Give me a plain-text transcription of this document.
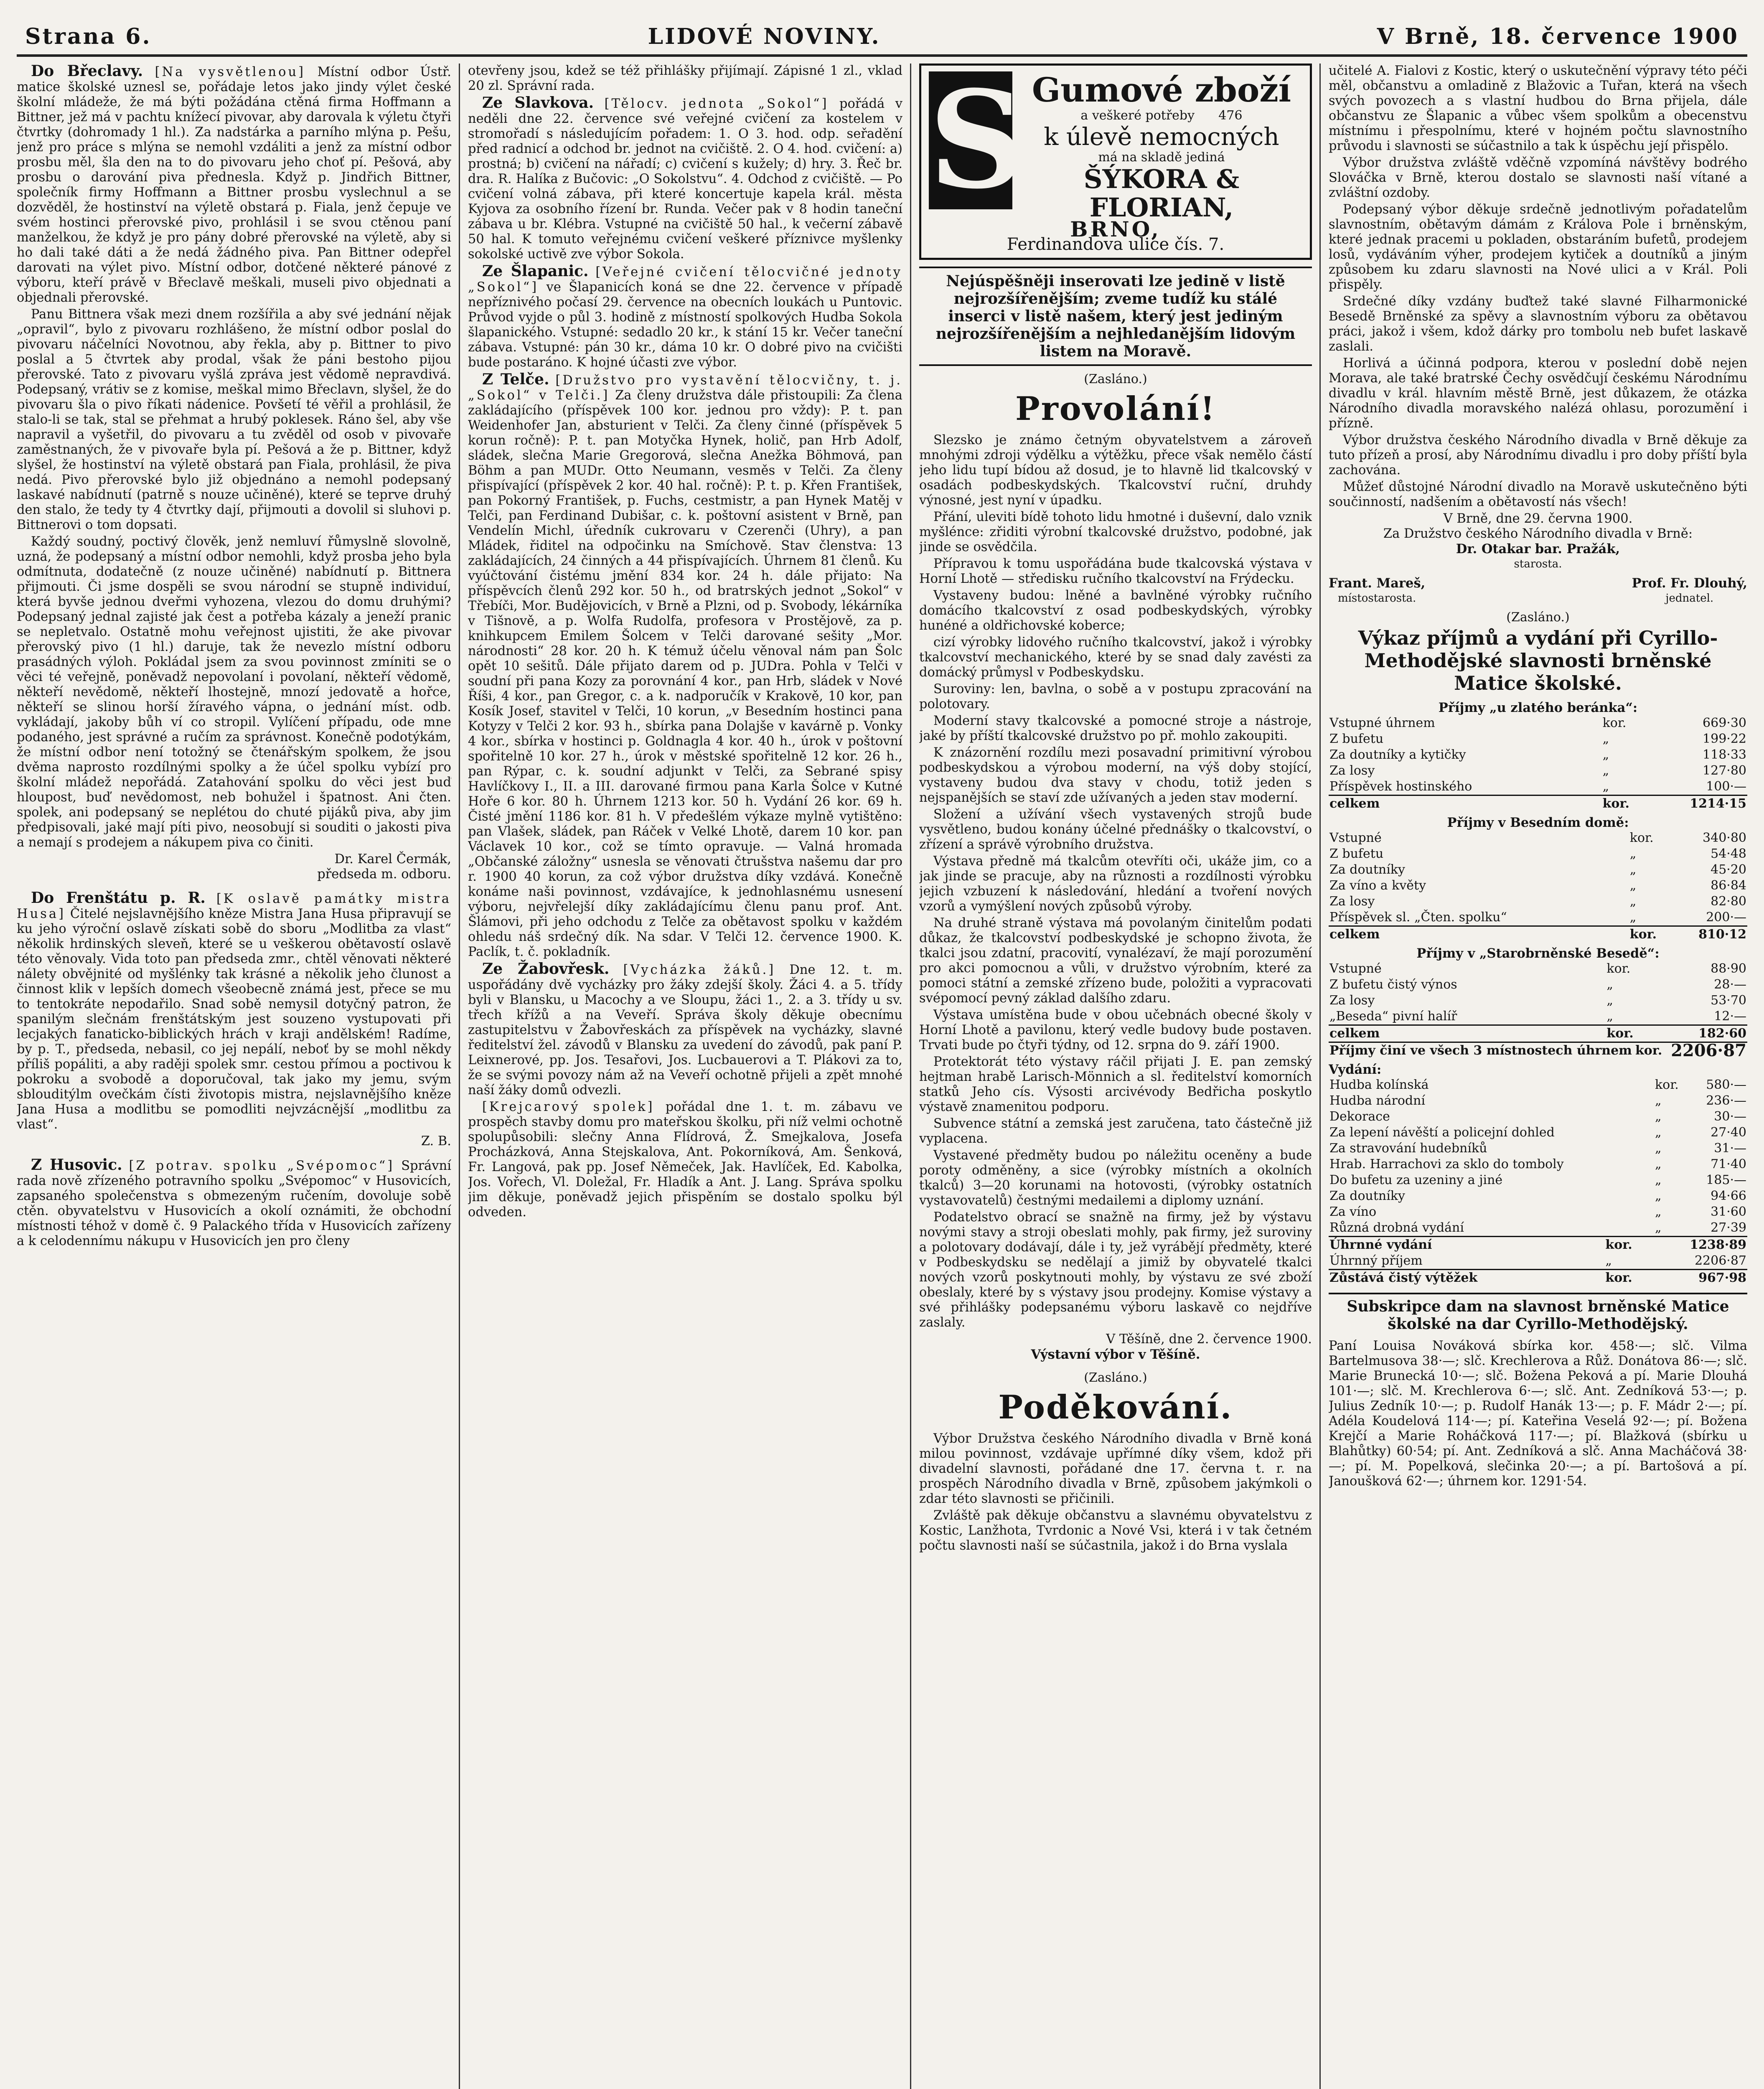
Strana 6.	LIDOVÉ NOVINY.	V Brně, 18. července 1900

Do Břeclavy. [Na vysvětlenou] Místní odbor Ústř. matice školské uznesl se, pořádaje letos jako jindy výlet české školní mládeže, že má býti požádána ctěná firma Hoffmann a Bittner, jež má v pachtu knížecí pivovar, aby darovala k výletu čtyři čtvrtky (dohromady 1 hl.). Za nadstárka a parního mlýna p. Pešu, jenž pro práce s mlýna se nemohl vzdáliti a jenž za místní odbor prosbu měl, šla den na to do pivovaru jeho choť pí. Pešová, aby prosbu o darování piva přednesla. Když p. Jindřich Bittner, společník firmy Hoffmann a Bittner prosbu vyslechnul a se dozvěděl, že hostinství na výletě obstará p. Fiala, jenž čepuje ve svém hostinci přerovské pivo, prohlásil i se svou ctěnou paní manželkou, že když je pro pány dobré přerovské na výletě, aby si ho dali také dáti a že nedá žádného piva. Pan Bittner odepřel darovati na výlet pivo. Místní odbor, dotčené některé pánové z výboru, kteří právě v Břeclavě meškali, museli pivo objednati a objednali přerovské.

Panu Bittnera však mezi dnem rozšířila a aby své jednání nějak „opravil“, bylo z pivovaru rozhlášeno, že místní odbor poslal do pivovaru náčelníci Novotnou, aby řekla, aby p. Bittner to pivo poslal a 5 čtvrtek aby prodal, však že páni bestoho pijou přerovské. Tato z pivovaru vyšlá zpráva jest vědomě nepravdivá. Podepsaný, vrátiv se z komise, meškal mimo Břeclavn, slyšel, že do pivovaru šla o pivo říkati nádenice. Povšetí té věřil a prohlásil, že stalo-li se tak, stal se přehmat a hrubý poklesek. Ráno šel, aby vše napravil a vyšetřil, do pivovaru a tu zvěděl od osob v pivovaře zaměstnaných, že v pivovaře byla pí. Pešová a že p. Bittner, když slyšel, že hostinství na výletě obstará pan Fiala, prohlásil, že piva nedá. Pivo přerovské bylo již objednáno a nemohl podepsaný laskavé nabídnutí (patrně s nouze učiněné), které se teprve druhý den stalo, že tedy ty 4 čtvrtky dají, přijmouti a dovolil si sluhovi p. Bittnerovi o tom dopsati.

Každý soudný, poctivý člověk, jenž nemluví řůmyslně slovolně, uzná, že podepsaný a místní odbor nemohli, když prosba jeho byla odmítnuta, dodatečně (z nouze učiněné) nabídnutí p. Bittnera přijmouti. Či jsme dospěli se svou národní se stupně individuí, která byvše jednou dveřmi vyhozena, vlezou do domu druhými? Podepsaný jednal zajisté jak čest a potřeba kázaly a jeneží pranic se nepletvalo. Ostatně mohu veřejnost ujistiti, že ake pivovar přerovský pivo (1 hl.) daruje, tak že nevezlo místní odboru prasádných výloh. Pokládal jsem za svou povinnost zmíniti se o věci té veřejně, poněvadž nepovolaní i povolaní, někteří vědomě, někteří nevědomě, někteří lhostejně, mnozí jedovatě a hořce, někteří se slinou horší žíravého vápna, o jednání míst. odb. vykládají, jakoby bůh ví co stropil. Vylíčení případu, ode mne podaného, jest správné a ručím za správnost. Konečně podotýkám, že místní odbor není totožný se čtenářským spolkem, že jsou dvěma naprosto rozdílnými spolky a že účel spolku vybízí pro školní mládež nepořádá. Zatahování spolku do věci jest buď hloupost, buď nevědomost, neb bohužel i špatnost. Ani čten. spolek, ani podepsaný se neplétou do chuté pijáků piva, aby jim předpisovali, jaké mají píti pivo, neosobují si souditi o jakosti piva a nemají s prodejem a nákupem piva co činiti.

Dr. Karel Čermák,
předseda m. odboru.

Do Frenštátu p. R. [K oslavě památky mistra Husa] Čitelé nejslavnějšího kněze Mistra Jana Husa připravují se ku jeho výroční oslavě získati sobě do sboru „Modlitba za vlast“ několik hrdinských sleveň, které se u veškerou obětavostí oslavě této věnovaly. Vida toto pan předseda zmr., chtěl věnovati některé nálety obvějnité od myšlénky tak krásné a několik jeho člunost a činnost klik v lepších domech všeobecně známá jest, přece se mu to tentokráte nepodařilo. Snad sobě nemysil dotyčný patron, že spanilým slečnám frenštátským jest souzeno vystupovati při lecjakých fanaticko-biblických hrách v kraji andělském! Radíme, by p. T., předseda, nebasil, co jej nepálí, neboť by se mohl někdy příliš popáliti, a aby raději spolek smr. cestou přímou a poctivou k pokroku a svobodě a doporučoval, tak jako my jemu, svým sblouditýlm ovečkám čísti životopis mistra, nejslavnějšího kněze Jana Husa a modlitbu se pomodliti nejvzácnější „modlitbu za vlast“.

Z. B.

Z Husovic. [Z potrav. spolku „Svépomoc“] Správní rada nově zřízeného potravního spolku „Svépomoc“ v Husovicích, zapsaného společenstva s obmezeným ručením, dovoluje sobě ctěn. obyvatelstvu v Husovicích a okolí oznámiti, že obchodní místnosti téhož v domě č. 9 Palackého třída v Husovicích zařízeny a k celodennímu nákupu v Husovicích jen pro členy

otevřeny jsou, kdež se též přihlášky přijímají. Zápisné 1 zl., vklad 20 zl. Správní rada.

Ze Slavkova. [Tělocv. jednota „Sokol“] pořádá v neděli dne 22. července své veřejné cvičení za kostelem v stromořadí s následujícím pořadem: 1. O 3. hod. odp. seřadění před radnicí a odchod br. jednot na cvičiště. 2. O 4. hod. cvičení: a) prostná; b) cvičení na nářadí; c) cvičení s kužely; d) hry. 3. Řeč br. dra. R. Halíka z Bučovic: „O Sokolstvu“. 4. Odchod z cvičiště. — Po cvičení volná zábava, při které koncertuje kapela král. města Kyjova za osobního řízení br. Runda. Večer pak v 8 hodin taneční zábava u br. Klébra. Vstupné na cvičiště 50 hal., k večerní zábavě 50 hal. K tomuto veřejnému cvičení veškeré příznivce myšlenky sokolské uctivě zve výbor Sokola.

Ze Šlapanic. [Veřejné cvičení tělocvičné jednoty „Sokol“] ve Šlapanicích koná se dne 22. července v případě nepříznivého počasí 29. července na obecních loukách u Puntovic. Průvod vyjde o půl 3. hodině z místností spolkových Hudba Sokola šlapanického. Vstupné: sedadlo 20 kr., k stání 15 kr. Večer taneční zábava. Vstupné: pán 30 kr., dáma 10 kr. O dobré pivo na cvičišti bude postaráno. K hojné účasti zve výbor.

Z Telče. [Družstvo pro vystavění tělocvičny, t. j. „Sokol“ v Telči.] Za členy družstva dále přistoupili: Za člena zakládajícího (příspěvek 100 kor. jednou pro vždy): P. t. pan Weidenhofer Jan, absturient v Telči. Za členy činné (příspěvek 5 korun ročně): P. t. pan Motyčka Hynek, holič, pan Hrb Adolf, sládek, slečna Marie Gregorová, slečna Anežka Böhmová, pan Böhm a pan MUDr. Otto Neumann, vesměs v Telči. Za členy přispívající (příspěvek 2 kor. 40 hal. ročně): P. t. p. Křen František, pan Pokorný František, p. Fuchs, cestmistr, a pan Hynek Matěj v Telči, pan Ferdinand Dubišar, c. k. poštovní asistent v Brně, pan Vendelín Michl, úředník cukrovaru v Czerenči (Uhry), a pan Mládek, řiditel na odpočinku na Smíchově. Stav členstva: 13 zakládajících, 24 činných a 44 přispívajících. Úhrnem 81 členů. Ku vyúčtování čistému jmění 834 kor. 24 h. dále přijato: Na příspěvcích členů 292 kor. 50 h., od bratrských jednot „Sokol“ v Třebíči, Mor. Budějovicích, v Brně a Plzni, od p. Svobody, lékárníka v Tišnově, a p. Wolfa Rudolfa, profesora v Prostějově, za p. knihkupcem Emilem Šolcem v Telči darované sešity „Mor. národnosti“ 28 kor. 20 h. K témuž účelu věnoval nám pan Šolc opět 10 sešitů. Dále přijato darem od p. JUDra. Pohla v Telči v soudní při pana Kozy za porovnání 4 kor., pan Hrb, sládek v Nové Říši, 4 kor., pan Gregor, c. a k. nadporučík v Krakově, 10 kor, pan Kosík Josef, stavitel v Telči, 10 korun, „v Besedním hostinci pana Kotyzy v Telči 2 kor. 93 h., sbírka pana Dolajše v kavárně p. Vonky 4 kor., sbírka v hostinci p. Goldnagla 4 kor. 40 h., úrok v poštovní spořitelně 10 kor. 27 h., úrok v městské spořitelně 12 kor. 26 h., pan Rýpar, c. k. soudní adjunkt v Telči, za Sebrané spisy Havlíčkovy I., II. a III. darované firmou pana Karla Šolce v Kutné Hoře 6 kor. 80 h. Úhrnem 1213 kor. 50 h. Vydání 26 kor. 69 h. Čisté jmění 1186 kor. 81 h. V předešlém výkaze mylně vytištěno: pan Vlašek, sládek, pan Ráček v Velké Lhotě, darem 10 kor. pan Václavek 10 kor., což se tímto opravuje. — Valná hromada „Občanské záložny“ usnesla se věnovati čtrušstva našemu dar pro r. 1900 40 korun, za což výbor družstva díky vzdává. Konečně konáme naši povinnost, vzdávajíce, k jednohlasnému usnesení výboru, nejvřelejší díky zakládajícímu členu panu prof. Ant. Šlámovi, při jeho odchodu z Telče za obětavost spolku v každém ohledu náš srdečný dík. Na sdar. V Telči 12. července 1900. K. Paclík, t. č. pokladník.

Ze Žabovřesk. [Vycházka žáků.] Dne 12. t. m. uspořádány dvě vycházky pro žáky zdejší školy. Žáci 4. a 5. třídy byli v Blansku, u Macochy a ve Sloupu, žáci 1., 2. a 3. třídy u sv. třech křížů a na Veveří. Správa školy děkuje obecnímu zastupitelstvu v Žabovřeskách za příspěvek na vycházky, slavné ředitelství žel. závodů v Blansku za uvedení do závodů, pak paní P. Leixnerové, pp. Jos. Tesařovi, Jos. Lucbauerovi a T. Plákovi za to, že se svými povozy nám až na Veveří ochotně přijeli a zpět mnohé naší žáky domů odvezli.

[Krejcarový spolek] pořádal dne 1. t. m. zábavu ve prospěch stavby domu pro mateřskou školku, při níž velmi ochotně spolupůsobili: slečny Anna Flídrová, Ž. Smejkalova, Josefa Procházková, Anna Stejskalova, Ant. Pokorníková, Am. Šenková, Fr. Langová, pak pp. Josef Němeček, Jak. Havlíček, Ed. Kabolka, Jos. Vořech, Vl. Doležal, Fr. Hladík a Ant. J. Lang. Správa spolku jim děkuje, poněvadž jejich přispěním se dostalo spolku býl odveden.

S Gumové zboží
a veškeré potřeby 476
k úlevě nemocných
má na skladě jediná
ŠÝKORA & FLORIAN,
BRNO,
Ferdinandova ulice čís. 7.
Nejúspěšněji inserovati lze jedině v listě nejrozšířenějším; zveme tudíž ku stálé inserci v listě našem, který jest jediným nejrozšířenějším a nejhledanějším lidovým listem na Moravě.
(Zasláno.)
Provolání!

Slezsko je známo četným obyvatelstvem a zároveň mnohými zdroji výdělku a výtěžku, přece však nemělo částí jeho lidu tupí bídou až dosud, je to hlavně lid tkalcovský v osadách podbeskydských. Tkalcovství ruční, druhdy výnosné, jest nyní v úpadku.

Přání, uleviti bídě tohoto lidu hmotné i duševní, dalo vznik myšlénce: zřiditi výrobní tkalcovské družstvo, podobné, jak jinde se osvědčila.

Přípravou k tomu uspořádána bude tkalcovská výstava v Horní Lhotě — středisku ručního tkalcovství na Frýdecku.

Vystaveny budou: lněné a bavlněné výrobky ručního domácího tkalcovství z osad podbeskydských, výrobky hunéné a oldřichovské koberce;

cizí výrobky lidového ručního tkalcovství, jakož i výrobky tkalcovství mechanického, které by se snad daly zavésti za domácký průmysl v Podbeskydsku.

Suroviny: len, bavlna, o sobě a v postupu zpracování na polotovary.

Moderní stavy tkalcovské a pomocné stroje a nástroje, jaké by příští tkalcovské družstvo po př. mohlo zakoupiti.

K znázornění rozdílu mezi posavadní primitivní výrobou podbeskydskou a výrobou moderní, na výš doby stojící, vystaveny budou dva stavy v chodu, totiž jeden s nejspanějších se staví zde užívaných a jeden stav moderní.

Složení a užívání všech vystavených strojů bude vysvětleno, budou konány účelné přednášky o tkalcovství, o zřízení a správě výrobního družstva.

Výstava předně má tkalcům otevříti oči, ukáže jim, co a jak jinde se pracuje, aby na různosti a rozdílnosti výrobku jejich vzbuzení k následování, hledání a tvoření nových vzorů a vymýšlení nových způsobů výroby.

Na druhé straně výstava má povolaným činitelům podati důkaz, že tkalcovství podbeskydské je schopno života, že tkalci jsou zdatní, pracovití, vynalézaví, že mají porozumění pro akci pomocnou a vůli, v družstvo výrobním, které za pomoci státní a zemské zřízeno bude, položiti a vypracovati svépomocí pevný základ dalšího zdaru.

Výstava umístěna bude v obou učebnách obecné školy v Horní Lhotě a pavilonu, který vedle budovy bude postaven. Trvati bude po čtyři týdny, od 12. srpna do 9. září 1900.

Protektorát této výstavy ráčil přijati J. E. pan zemský hejtman hrabě Larisch-Mönnich a sl. ředitelství komorních statků Jeho cís. Výsosti arcivévody Bedřicha poskytlo výstavě znamenitou podporu.

Subvence státní a zemská jest zaručena, tato částečně již vyplacena.

Vystavené předměty budou po náležitu oceněny a bude poroty odměněny, a sice (výrobky místních a okolních tkalců) 3—20 korunami na hotovosti, (výrobky ostatních vystavovatelů) čestnými medailemi a diplomy uznání.

Podatelstvo obrací se snažně na firmy, jež by výstavu novými stavy a stroji obeslati mohly, pak firmy, jež suroviny a polotovary dodávají, dále i ty, jež vyrábějí předměty, které v Podbeskydsku se nedělají a jimiž by obyvatelé tkalci nových vzorů poskytnouti mohly, by výstavu ze své zboží obeslaly, které by s výstavy jsou prodejny. Komise výstavy a své přihlášky podepsanému výboru laskavě co nejdříve zaslaly.

V Těšíně, dne 2. července 1900.
Výstavní výbor v Těšíně.
(Zasláno.)
Poděkování.

Výbor Družstva českého Národního divadla v Brně koná milou povinnost, vzdávaje upřímné díky všem, kdož při divadelní slavnosti, pořádané dne 17. června t. r. na prospěch Národního divadla v Brně, způsobem jakýmkoli o zdar této slavnosti se přičinili.

Zvláště pak děkuje občanstvu a slavnému obyvatelstvu z Kostic, Lanžhota, Tvrdonic a Nové Vsi, která i v tak četném počtu slavnosti naší se súčastnila, jakož i do Brna vyslala

učitelé A. Fialovi z Kostic, který o uskutečnění výpravy této péči měl, občanstvu a omladině z Blažovic a Tuřan, která na všech svých povozech a s vlastní hudbou do Brna přijela, dále občanstvu ze Šlapanic a vůbec všem spolkům a obecenstvu místnímu i přespolnímu, které v hojném počtu slavnostního průvodu i slavnosti se súčastnilo a tak k úspěchu její přispělo.

Výbor družstva zvláště vděčně vzpomíná návštěvy bodrého Slováčka v Brně, kterou dostalo se slavnosti naší vítané a zvláštní ozdoby.

Podepsaný výbor děkuje srdečně jednotlivým pořadatelům slavnostním, obětavým dámám z Králova Pole i brněnským, které jednak pracemi u pokladen, obstaráním bufetů, prodejem losů, vydáváním výher, prodejem kytiček a doutníků a jiným způsobem ku zdaru slavnosti na Nové ulici a v Král. Poli přispěly.

Srdečné díky vzdány buďtež také slavné Filharmonické Besedě Brněnské za spěvy a slavnostním výboru za obětavou práci, jakož i všem, kdož dárky pro tombolu neb bufet laskavě zaslali.

Horlivá a účinná podpora, kterou v poslední době nejen Morava, ale také bratrské Čechy osvědčují českému Národnímu divadlu v král. hlavním městě Brně, jest důkazem, že otázka Národního divadla moravského nalézá ohlasu, porozumění i přízně.

Výbor družstva českého Národního divadla v Brně děkuje za tuto přízeň a prosí, aby Národnímu divadlu i pro doby příští byla zachována.

Můžeť důstojné Národní divadlo na Moravě uskutečněno býti součinností, nadšením a obětavostí nás všech!

V Brně, dne 29. června 1900.
Za Družstvo českého Národního divadla v Brně:
Dr. Otakar bar. Pražák,
starosta.
Frant. Mareš,
místostarosta.
Prof. Fr. Dlouhý,
jednatel.
(Zasláno.)
Výkaz příjmů a vydání při Cyrillo-Methodějské slavnosti brněnské Matice školské.
Příjmy „u zlatého beránka“:
Vstupné úhrnem	kor.	669·30
Z bufetu	„	199·22
Za doutníky a kytičky	„	118·33
Za losy	„	127·80
Příspěvek hostinského	„	100·—
celkem	kor.	1214·15
Příjmy v Besedním domě:
Vstupné	kor.	340·80
Z bufetu	„	54·48
Za doutníky	„	45·20
Za víno a květy	„	86·84
Za losy	„	82·80
Příspěvek sl. „Čten. spolku“	„	200·—
celkem	kor.	810·12
Příjmy v „Starobrněnské Besedě“:
Vstupné	kor.	88·90
Z bufetu čistý výnos	„	28·—
Za losy	„	53·70
„Beseda“ pivní halíř	„	12·—
celkem	kor.	182·60
Příjmy činí ve všech 3 místnostech úhrnem	kor.	2206·87
Vydání:
Hudba kolínská	kor.	580·—
Hudba národní	„	236·—
Dekorace	„	30·—
Za lepení návěští a policejní dohled	„	27·40
Za stravování hudebníků	„	31·—
Hrab. Harrachovi za sklo do tomboly	„	71·40
Do bufetu za uzeniny a jiné	„	185·—
Za doutníky	„	94·66
Za víno	„	31·60
Různá drobná vydání	„	27·39
Úhrnné vydání	kor.	1238·89
Úhrnný příjem	„	2206·87
Zůstává čistý výtěžek	kor.	967·98
Subskripce dam na slavnost brněnské Matice školské na dar Cyrillo-Methodějský.

Paní Louisa Nováková sbírka kor. 458·—; slč. Vilma Bartelmusova 38·—; slč. Krechlerova a Růž. Donátova 86·—; slč. Marie Brunecká 10·—; slč. Božena Peková a pí. Marie Dlouhá 101·—; slč. M. Krechlerova 6·—; slč. Ant. Zedníková 53·—; p. Julius Zedník 10·—; p. Rudolf Hanák 13·—; p. F. Mádr 2·—; pí. Adéla Koudelová 114·—; pí. Kateřina Veselá 92·—; pí. Božena Krejčí a Marie Roháčková 117·—; pí. Blažková (sbírku u Blahůtky) 60·54; pí. Ant. Zedníková a slč. Anna Macháčová 38·—; pí. M. Popelková, slečinka 20·—; a pí. Bartošová a pí. Janoušková 62·—; úhrnem kor. 1291·54.
